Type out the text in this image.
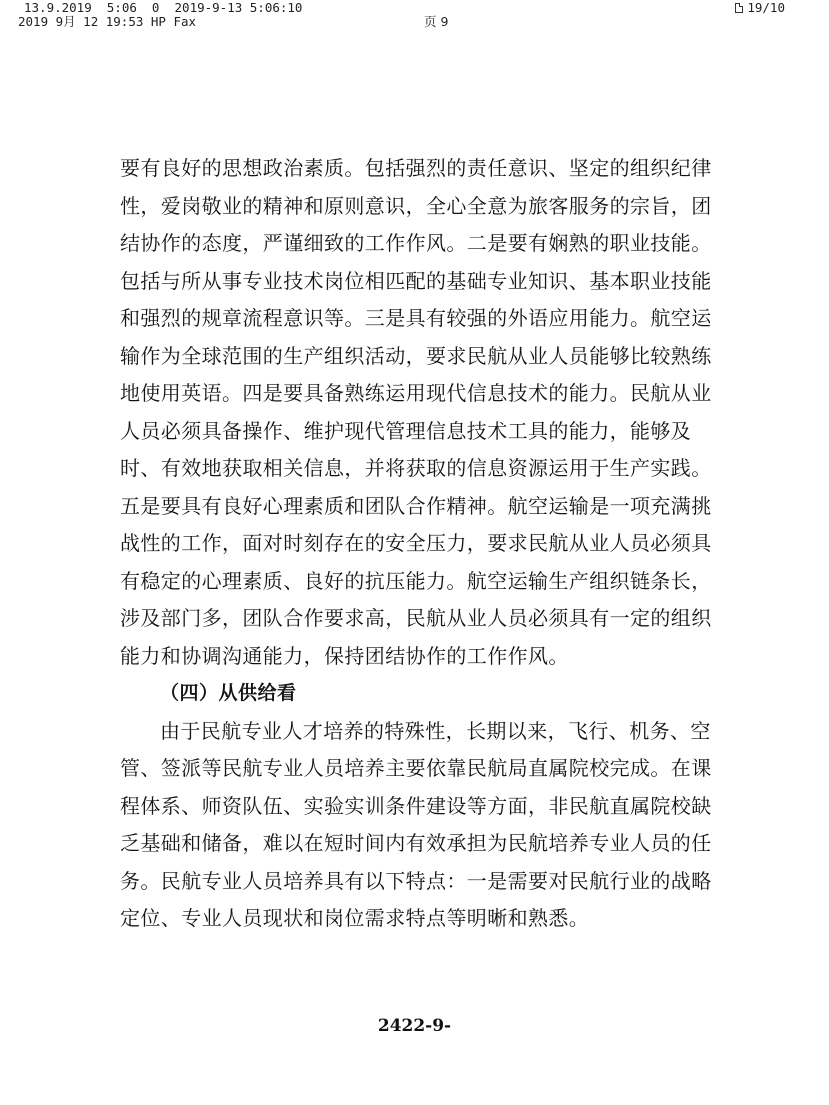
13.9.2019  5:06  0  2019-9-13 5:06:10
2019 9月 12 19:53 HP Fax	页 9
19/10

要有良好的思想政治素质。包括强烈的责任意识、坚定的组织纪律性，爱岗敬业的精神和原则意识，全心全意为旅客服务的宗旨，团结协作的态度，严谨细致的工作作风。二是要有娴熟的职业技能。包括与所从事专业技术岗位相匹配的基础专业知识、基本职业技能和强烈的规章流程意识等。三是具有较强的外语应用能力。航空运输作为全球范围的生产组织活动，要求民航从业人员能够比较熟练地使用英语。四是要具备熟练运用现代信息技术的能力。民航从业人员必须具备操作、维护现代管理信息技术工具的能力，能够及时、有效地获取相关信息，并将获取的信息资源运用于生产实践。五是要具有良好心理素质和团队合作精神。航空运输是一项充满挑战性的工作，面对时刻存在的安全压力，要求民航从业人员必须具有稳定的心理素质、良好的抗压能力。航空运输生产组织链条长，涉及部门多，团队合作要求高，民航从业人员必须具有一定的组织能力和协调沟通能力，保持团结协作的工作作风。

（四）从供给看

由于民航专业人才培养的特殊性，长期以来，飞行、机务、空管、签派等民航专业人员培养主要依靠民航局直属院校完成。在课程体系、师资队伍、实验实训条件建设等方面，非民航直属院校缺乏基础和储备，难以在短时间内有效承担为民航培养专业人员的任务。民航专业人员培养具有以下特点：一是需要对民航行业的战略定位、专业人员现状和岗位需求特点等明晰和熟悉。

2422-9-
